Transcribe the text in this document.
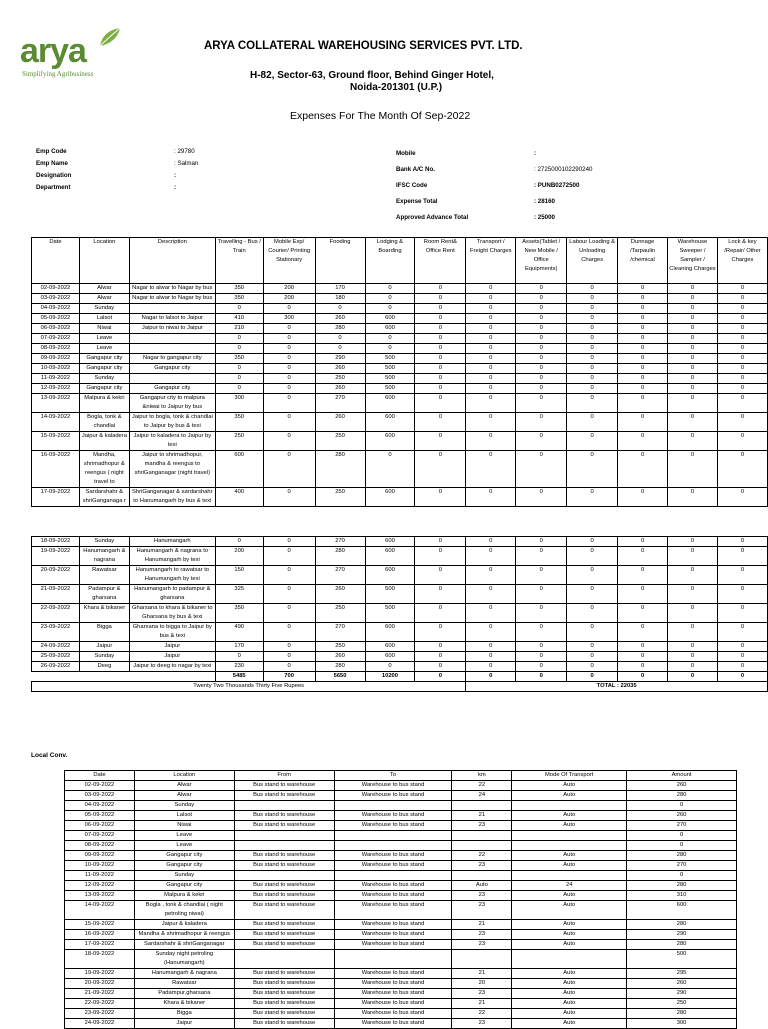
arya
Simplifying Agribusiness
ARYA COLLATERAL WAREHOUSING SERVICES PVT. LTD.
H-82, Sector-63, Ground floor, Behind Ginger Hotel,
Noida-201301 (U.P.)
Expenses For The Month Of Sep-2022
Emp Code	: 29780
Emp Name	: Salman
Designation	:
Department	:
Mobile	:
Bank A/C No.	: 2725000102290240
IFSC Code	: PUNB0272500
Expense Total	: 28160
Approved Advance Total	: 25000
Date	Location	Description	Travelling - Bus / Train	Mobile Exp/ Courier/ Printing Stationary	Fooding	Lodging & Boarding	Room Rent& Office Rent	Transport / Freight Charges	Assets(Tablet / New Mobile / Office Equipments)	Labour Loading & Unloading Charges	Dunnage /Tarpaulin /chemical	Warehouse Sweeper / Sampler / Cleaning Charges	Lock & key /Repair/ Other Charges
02-09-2022	Alwar	Nagar to alwar to Nagar by bus	350	200	170	0	0	0	0	0	0	0	0
03-09-2022	Alwar	Nagar to alwar to Nagar by bus	350	200	180	0	0	0	0	0	0	0	0
04-09-2022	Sunday		0	0	0	0	0	0	0	0	0	0	0
05-09-2022	Lalsot	Nagar to lalsot to Jaipur	410	300	260	600	0	0	0	0	0	0	0
06-09-2022	Niwai	Jaipur to niwai to Jaipur	210	0	280	600	0	0	0	0	0	0	0
07-09-2022	Leave		0	0	0	0	0	0	0	0	0	0	0
08-09-2022	Leave		0	0	0	0	0	0	0	0	0	0	0
09-09-2022	Gangapur city	Nagar to gangapur city	350	0	290	500	0	0	0	0	0	0	0
10-09-2022	Gangapur city	Gangapur city	0	0	260	500	0	0	0	0	0	0	0
11-09-2022	Sunday		0	0	250	500	0	0	0	0	0	0	0
12-09-2022	Gangapur city	Gangapur city	0	0	260	500	0	0	0	0	0	0	0
13-09-2022	Malpura & kekri	Gangapur city to malpura &niwai to Jaipur by bus	300	0	270	600	0	0	0	0	0	0	0
14-09-2022	Bogla, tonk & chandlai	Jaipur to bogla, tonk & chandlai to Jaipur by bus & texi	350	0	260	600	0	0	0	0	0	0	0
15-09-2022	Jaipur & kaladera	Jaipur to kaladera to Jaipur by texi	250	0	250	600	0	0	0	0	0	0	0
16-09-2022	Mandha, shrimadhopur & reengus ( night travel to	Jaipur to shrimadhopur, mandha & reengus to shriGanganagar (night travel)	600	0	280	0	0	0	0	0	0	0	0
17-09-2022	Sardarshahr & shriGanganaga r	ShriGanganagar & sardarshahr to Hanumangarh by bus & texi	400	0	250	600	0	0	0	0	0	0	0

18-09-2022	Sunday	Hanumangarh	0	0	270	600	0	0	0	0	0	0	0
19-09-2022	Hanumangarh & nagrana	Hanumangarh & nagrana to Hanumangarh by texi	200	0	280	600	0	0	0	0	0	0	0
20-09-2022	Rawatsar	Hanumangarh to rawatsar to Hanumangarh by texi	150	0	270	600	0	0	0	0	0	0	0
21-09-2022	Padampur & gharsana	Hanumangarh to padampur & gharsana	325	0	260	500	0	0	0	0	0	0	0
22-09-2022	Khara & bikaner	Gharsana to khara & bikaner to Gharsana by bus & texi	350	0	250	500	0	0	0	0	0	0	0
23-09-2022	Bigga	Gharsana to bigga to Jaipur by bus & texi	490	0	270	600	0	0	0	0	0	0	0
24-09-2022	Jaipur	Jaipur	170	0	250	600	0	0	0	0	0	0	0
25-09-2022	Sunday	Jaipur	0	0	260	600	0	0	0	0	0	0	0
26-09-2022	Deeg	Jaipur to deeg to nagar by texi	230	0	280	0	0	0	0	0	0	0	0
			5485	700	5650	10200	0	0	0	0	0	0	0
Twenty Two Thousands Thirty Five Rupees								TOTAL : 22035					
Local Conv.
Date	Location	From	To	km	Mode Of Transport	Amount
02-09-2022	Alwar	Bus stand to warehouse	Warehouse to bus stand	22	Auto	260
03-09-2022	Alwar	Bus stand to warehouse	Warehouse to bus stand	24	Auto	280
04-09-2022	Sunday					0
05-09-2022	Lalsot	Bus stand to warehouse	Warehouse to bus stand	21	Auto	260
06-09-2022	Niwai	Bus stand to warehouse	Warehouse to bus stand	23	Auto	270
07-09-2022	Leave					0
08-09-2022	Leave					0
09-09-2022	Gangapur city	Bus stand to warehouse	Warehouse to bus stand	22	Auto	280
10-09-2022	Gangapur city	Bus stand to warehouse	Warehouse to bus stand	23	Auto	270
11-09-2022	Sunday					0
12-09-2022	Gangapur city	Bus stand to warehouse	Warehouse to bus stand	Auto	24	280
13-09-2022	Malpura & kekri	Bus stand to warehouse	Warehouse to bus stand	23	Auto	310
14-09-2022	Bogla , tonk & chandlai ( night petroling niwai)	Bus stand to warehouse	Warehouse to bus stand	23	Auto	600
15-09-2022	Jaipur & kaladera	Bus stand to warehouse	Warehouse to bus stand	21	Auto	280
16-09-2022	Mandha & shrimadhopur & reengus	Bus stand to warehouse	Warehouse to bus stand	23	Auto	290
17-09-2022	Sardarshahr & shriGanganagar	Bus stand to warehouse	Warehouse to bus stand	23	Auto	280
18-09-2022	Sunday night petroling (Hanumangarh)					500
19-09-2022	Hanumangarh & nagrana	Bus stand to warehouse	Warehouse to bus stand	21	Auto	295
20-09-2022	Rawatsar	Bus stand to warehouse	Warehouse to bus stand	20	Auto	260
21-09-2022	Padampur,gharsana	Bus stand to warehouse	Warehouse to bus stand	23	Auto	290
22-09-2022	Khara & bikaner	Bus stand to warehouse	Warehouse to bus stand	21	Auto	250
23-09-2022	Bigga	Bus stand to warehouse	Warehouse to bus stand	22	Auto	280
24-09-2022	Jaipur	Bus stand to warehouse	Warehouse to bus stand	23	Auto	300
